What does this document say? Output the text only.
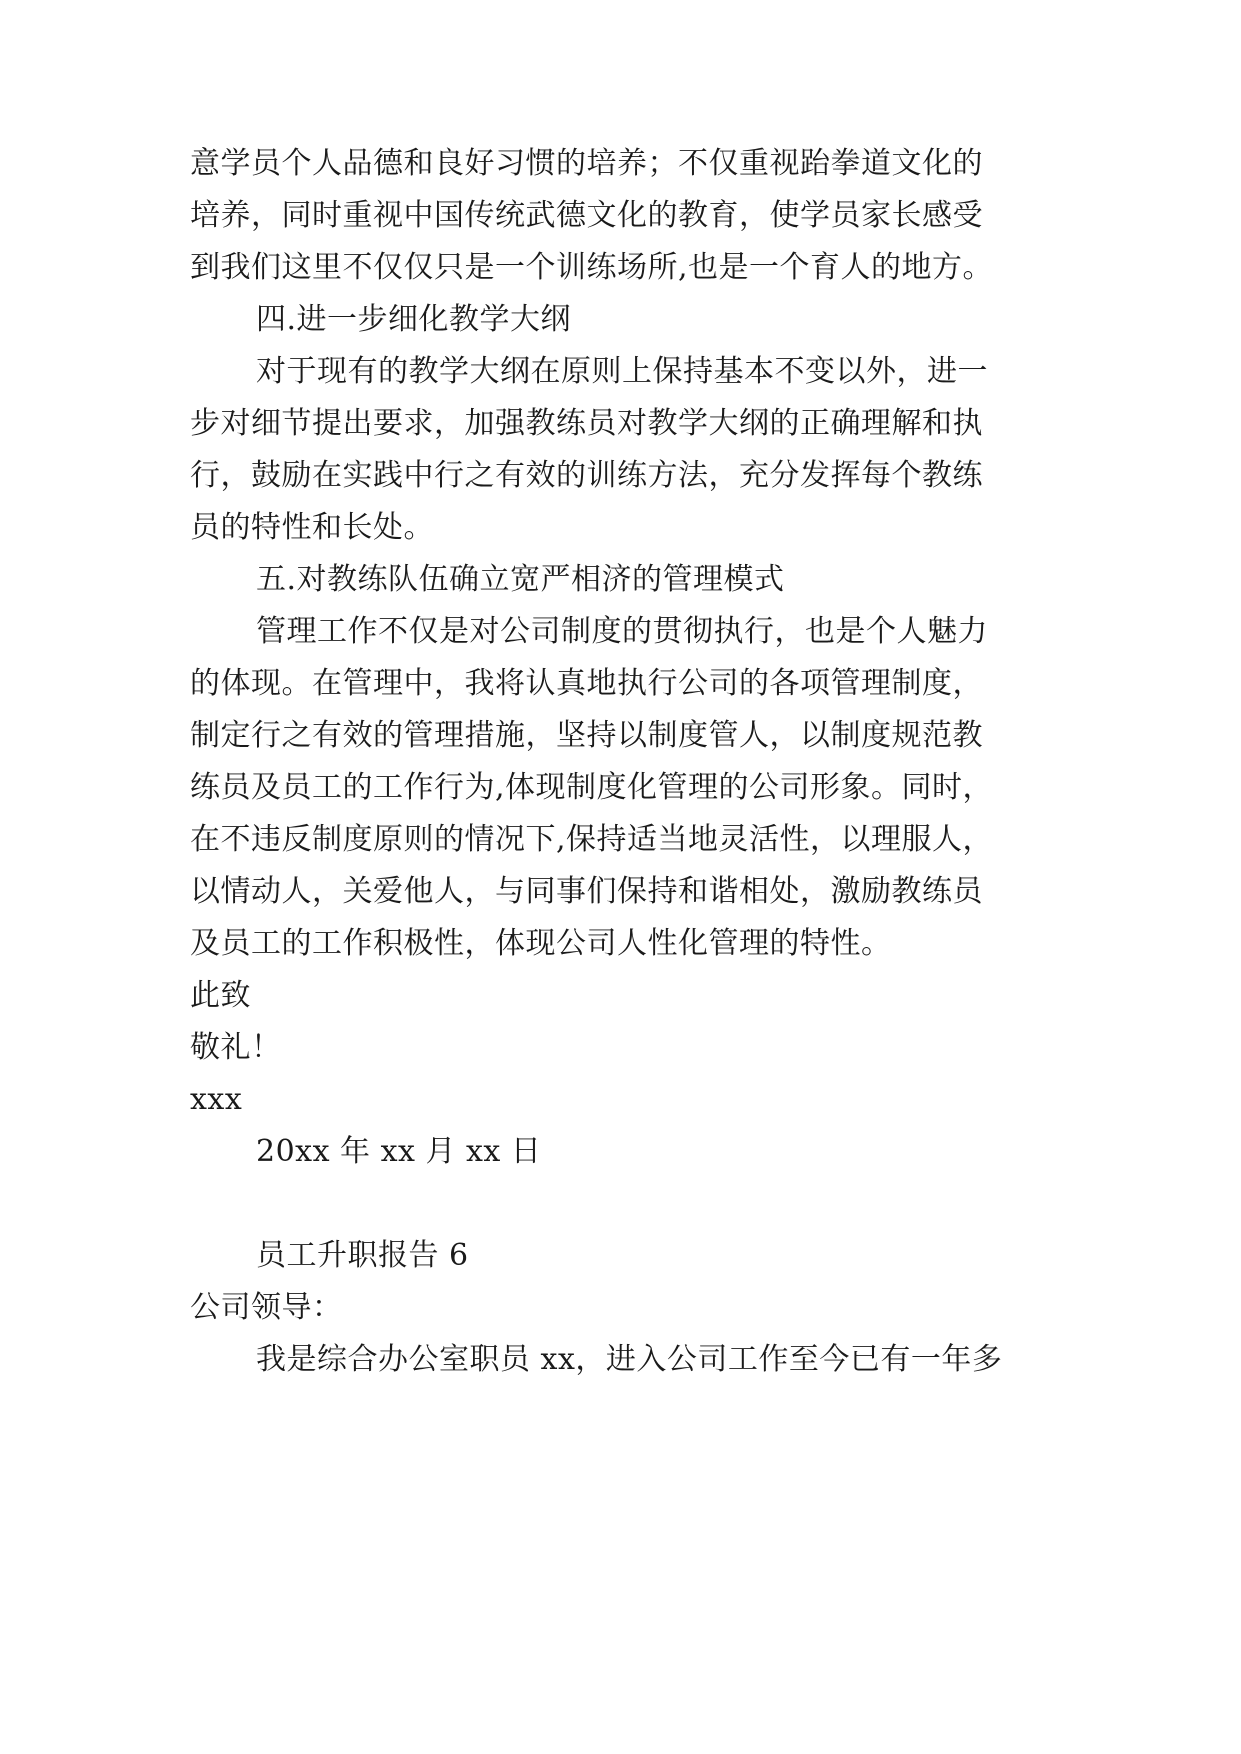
意学员个人品德和良好习惯的培养；不仅重视跆拳道文化的
培养，同时重视中国传统武德文化的教育，使学员家长感受
到我们这里不仅仅只是一个训练场所,也是一个育人的地方。
四.进一步细化教学大纲
对于现有的教学大纲在原则上保持基本不变以外，进一
步对细节提出要求，加强教练员对教学大纲的正确理解和执
行，鼓励在实践中行之有效的训练方法，充分发挥每个教练
员的特性和长处。
五.对教练队伍确立宽严相济的管理模式
管理工作不仅是对公司制度的贯彻执行，也是个人魅力
的体现。在管理中，我将认真地执行公司的各项管理制度，
制定行之有效的管理措施，坚持以制度管人，以制度规范教
练员及员工的工作行为,体现制度化管理的公司形象。同时，
在不违反制度原则的情况下,保持适当地灵活性，以理服人，
以情动人，关爱他人，与同事们保持和谐相处，激励教练员
及员工的工作积极性，体现公司人性化管理的特性。
此致
敬礼！
xxx
20xx 年 xx 月 xx 日
员工升职报告 6
公司领导：
我是综合办公室职员 xx，进入公司工作至今已有一年多
